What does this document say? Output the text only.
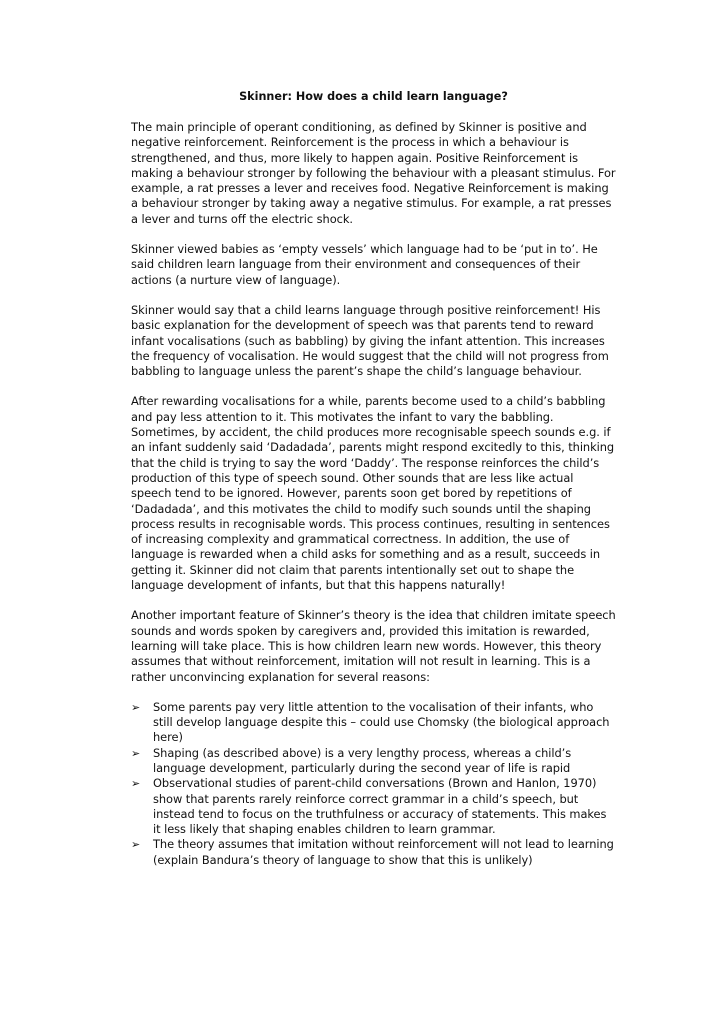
Skinner: How does a child learn language?

The main principle of operant conditioning, as defined by Skinner is positive and negative reinforcement. Reinforcement is the process in which a behaviour is strengthened, and thus, more likely to happen again. Positive Reinforcement is making a behaviour stronger by following the behaviour with a pleasant stimulus. For example, a rat presses a lever and receives food. Negative Reinforcement is making a behaviour stronger by taking away a negative stimulus. For example, a rat presses a lever and turns off the electric shock.

Skinner viewed babies as ‘empty vessels’ which language had to be ‘put in to’. He said children learn language from their environment and consequences of their actions (a nurture view of language).

Skinner would say that a child learns language through positive reinforcement! His basic explanation for the development of speech was that parents tend to reward infant vocalisations (such as babbling) by giving the infant attention. This increases the frequency of vocalisation. He would suggest that the child will not progress from babbling to language unless the parent’s shape the child’s language behaviour.

After rewarding vocalisations for a while, parents become used to a child’s babbling and pay less attention to it. This motivates the infant to vary the babbling. Sometimes, by accident, the child produces more recognisable speech sounds e.g. if an infant suddenly said ‘Dadadada’, parents might respond excitedly to this, thinking that the child is trying to say the word ‘Daddy’. The response reinforces the child’s production of this type of speech sound. Other sounds that are less like actual speech tend to be ignored. However, parents soon get bored by repetitions of ‘Dadadada’, and this motivates the child to modify such sounds until the shaping process results in recognisable words. This process continues, resulting in sentences of increasing complexity and grammatical correctness. In addition, the use of language is rewarded when a child asks for something and as a result, succeeds in getting it. Skinner did not claim that parents intentionally set out to shape the language development of infants, but that this happens naturally!

Another important feature of Skinner’s theory is the idea that children imitate speech sounds and words spoken by caregivers and, provided this imitation is rewarded, learning will take place. This is how children learn new words. However, this theory assumes that without reinforcement, imitation will not result in learning. This is a rather unconvincing explanation for several reasons:

➢ Some parents pay very little attention to the vocalisation of their infants, who still develop language despite this – could use Chomsky (the biological approach here)
➢ Shaping (as described above) is a very lengthy process, whereas a child’s language development, particularly during the second year of life is rapid
➢ Observational studies of parent-child conversations (Brown and Hanlon, 1970) show that parents rarely reinforce correct grammar in a child’s speech, but instead tend to focus on the truthfulness or accuracy of statements. This makes it less likely that shaping enables children to learn grammar.
➢ The theory assumes that imitation without reinforcement will not lead to learning (explain Bandura’s theory of language to show that this is unlikely)
